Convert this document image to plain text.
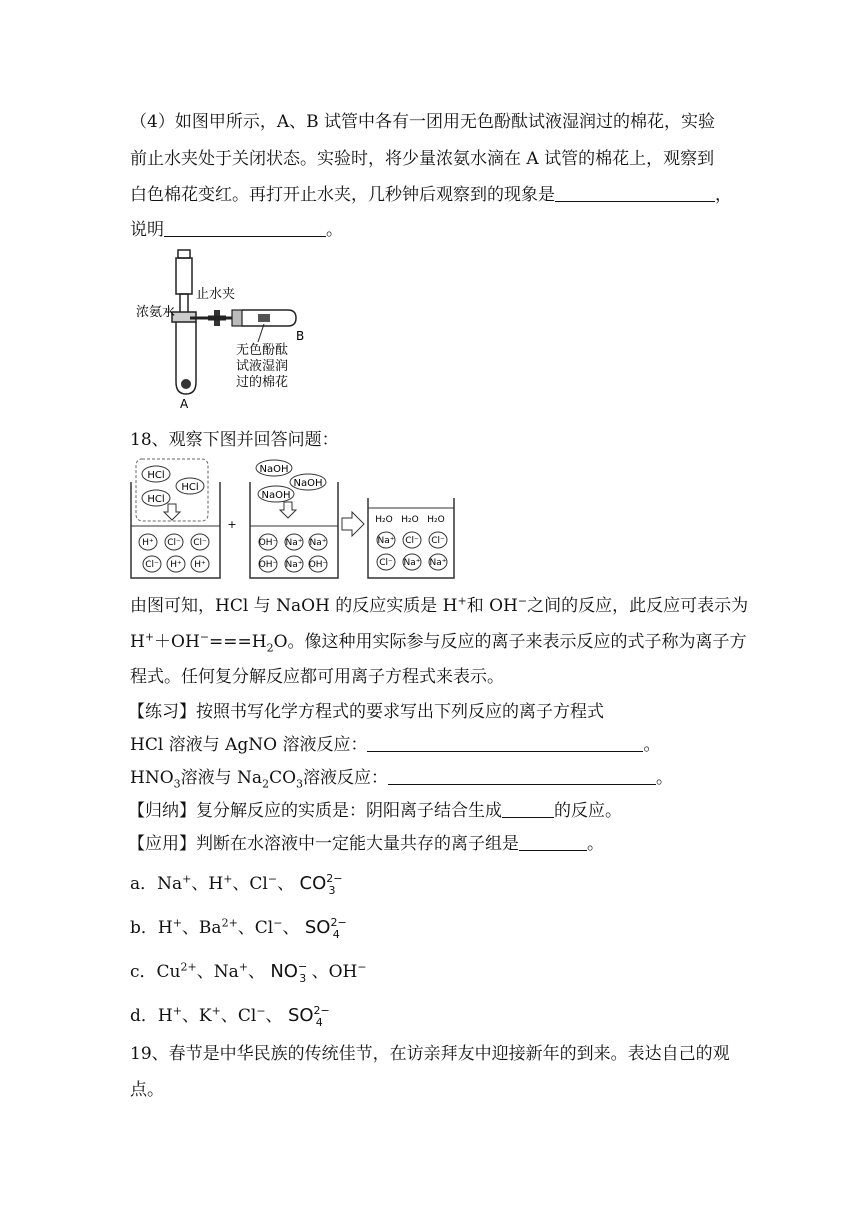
（4）如图甲所示，A、B 试管中各有一团用无色酚酞试液湿润过的棉花，实验
前止水夹处于关闭状态。实验时，将少量浓氨水滴在 A 试管的棉花上，观察到
白色棉花变红。再打开止水夹，几秒钟后观察到的现象是	，
说明	。
浓氨水
止水夹
B
A
无色酚酞
试液湿润
过的棉花
18、观察下图并回答问题：
HCl
HCl
HCl
H⁺ Cl⁻ Cl⁻
Cl⁻ H⁺ H⁺
+
NaOH
NaOH
NaOH
OH⁻ Na⁺ Na⁺
OH⁻ Na⁺ OH⁻
H₂O H₂O H₂O
Na⁺ Cl⁻ Cl⁻
Cl⁻ Na⁺ Na⁺
由图可知，HCl 与 NaOH 的反应实质是 H+和 OH−之间的反应，此反应可表示为
$H^++OH^-===H_2O$。像这种用实际参与反应的离子来表示反应的式子称为离子方
程式。任何复分解反应都可用离子方程式来表示。
【练习】按照书写化学方程式的要求写出下列反应的离子方程式
HCl 溶液与 AgNO 溶液反应：	。
$HNO_3$溶液与 $Na_2CO_3$溶液反应：	。
【归纳】复分解反应的实质是：阴阳离子结合生成	的反应。
【应用】判断在水溶液中一定能大量共存的离子组是	。
a．Na+、H+、Cl−、 $CO^{2-}_3$
b．H+、$Ba^{2+}$、Cl−、 $SO^{2-}_4$
c．$Cu^{2+}$、Na+、 $NO^-_3$ 、OH−
d．H+、K+、Cl−、 $SO^{2-}_4$
19、春节是中华民族的传统佳节，在访亲拜友中迎接新年的到来。表达自己的观
点。
